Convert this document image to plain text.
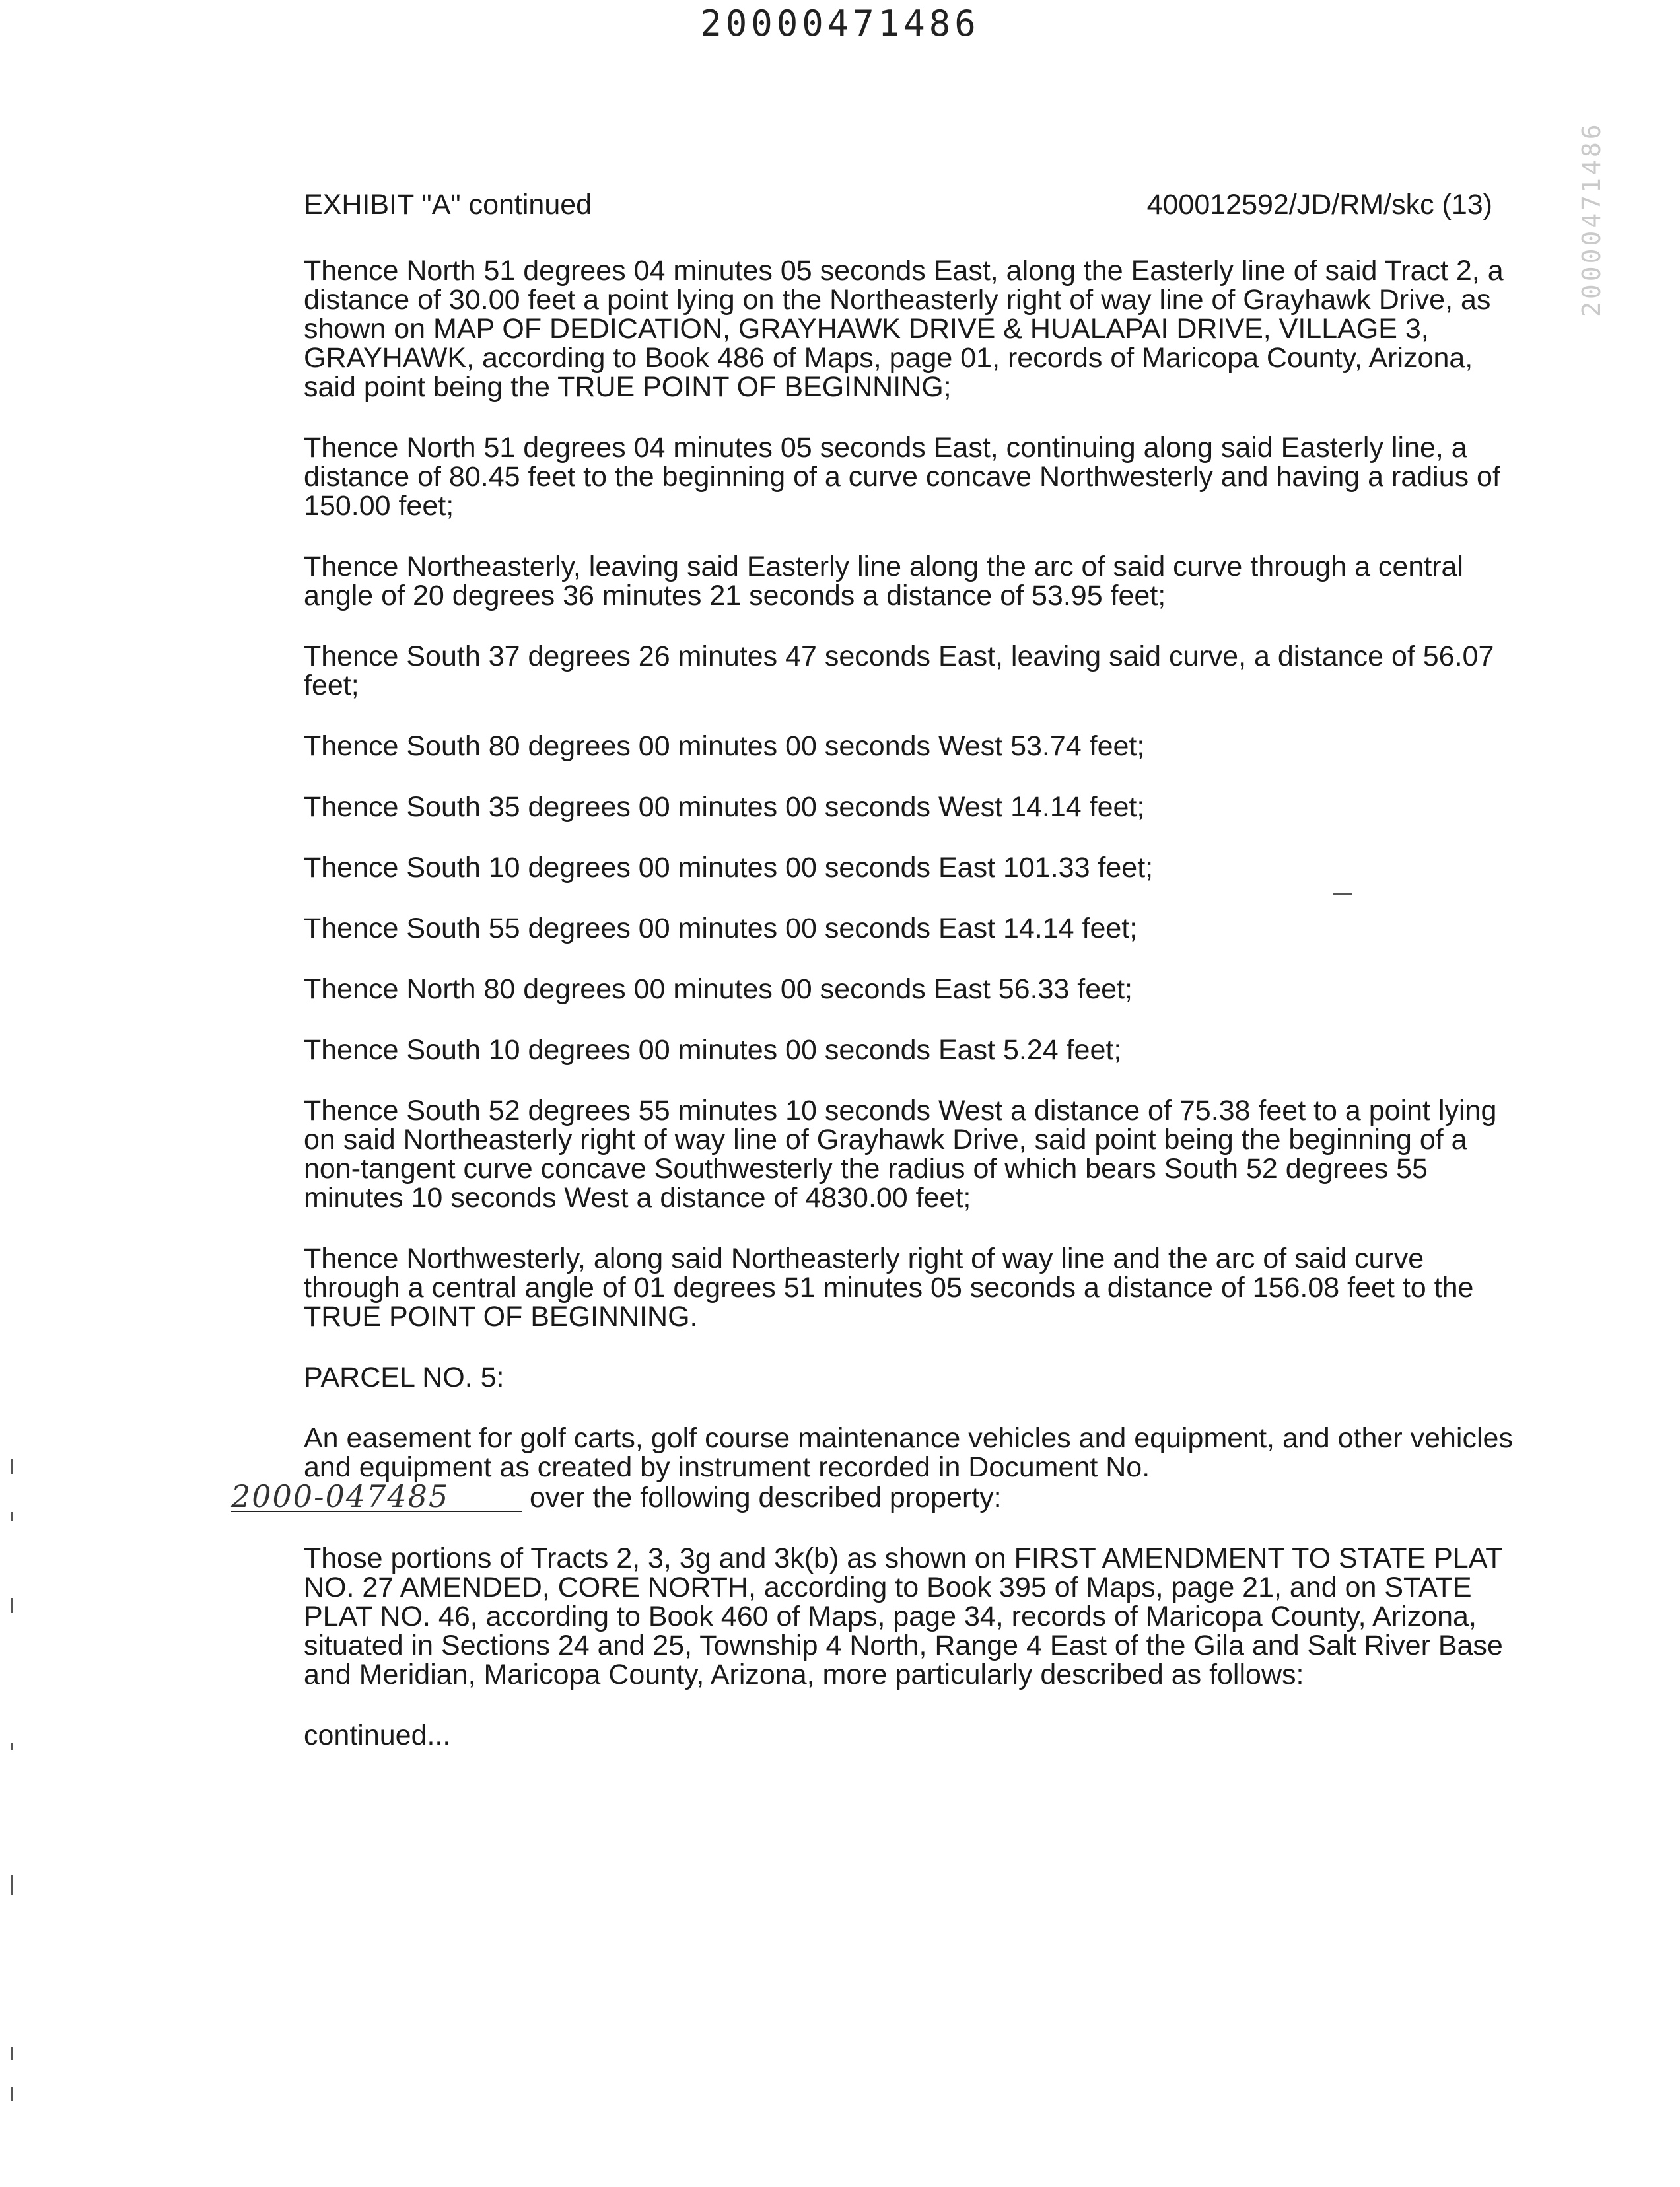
20000471486
20000471486
EXHIBIT "A" continued	400012592/JD/RM/skc (13)

Thence North 51 degrees 04 minutes 05 seconds East, along the Easterly line of said Tract 2, a distance of 30.00 feet a point lying on the Northeasterly right of way line of Grayhawk Drive, as shown on MAP OF DEDICATION, GRAYHAWK DRIVE & HUALAPAI DRIVE, VILLAGE 3, GRAYHAWK, according to Book 486 of Maps, page 01, records of Maricopa County, Arizona, said point being the TRUE POINT OF BEGINNING;

Thence North 51 degrees 04 minutes 05 seconds East, continuing along said Easterly line, a distance of 80.45 feet to the beginning of a curve concave Northwesterly and having a radius of 150.00 feet;

Thence Northeasterly, leaving said Easterly line along the arc of said curve through a central angle of 20 degrees 36 minutes 21 seconds a distance of 53.95 feet;

Thence South 37 degrees 26 minutes 47 seconds East, leaving said curve, a distance of 56.07 feet;

Thence South 80 degrees 00 minutes 00 seconds West 53.74 feet;

Thence South 35 degrees 00 minutes 00 seconds West 14.14 feet;

Thence South 10 degrees 00 minutes 00 seconds East 101.33 feet;

Thence South 55 degrees 00 minutes 00 seconds East 14.14 feet;

Thence North 80 degrees 00 minutes 00 seconds East 56.33 feet;

Thence South 10 degrees 00 minutes 00 seconds East 5.24 feet;

Thence South 52 degrees 55 minutes 10 seconds West a distance of 75.38 feet to a point lying on said Northeasterly right of way line of Grayhawk Drive, said point being the beginning of a non-tangent curve concave Southwesterly the radius of which bears South 52 degrees 55 minutes 10 seconds West a distance of 4830.00 feet;

Thence Northwesterly, along said Northeasterly right of way line and the arc of said curve through a central angle of 01 degrees 51 minutes 05 seconds a distance of 156.08 feet to the TRUE POINT OF BEGINNING.

PARCEL NO. 5:

An easement for golf carts, golf course maintenance vehicles and equipment, and other vehicles and equipment as created by instrument recorded in Document No.
2000-047485	over the following described property:

Those portions of Tracts 2, 3, 3g and 3k(b) as shown on FIRST AMENDMENT TO STATE PLAT NO. 27 AMENDED, CORE NORTH, according to Book 395 of Maps, page 21, and on STATE PLAT NO. 46, according to Book 460 of Maps, page 34, records of Maricopa County, Arizona, situated in Sections 24 and 25, Township 4 North, Range 4 East of the Gila and Salt River Base and Meridian, Maricopa County, Arizona, more particularly described as follows:

continued...
